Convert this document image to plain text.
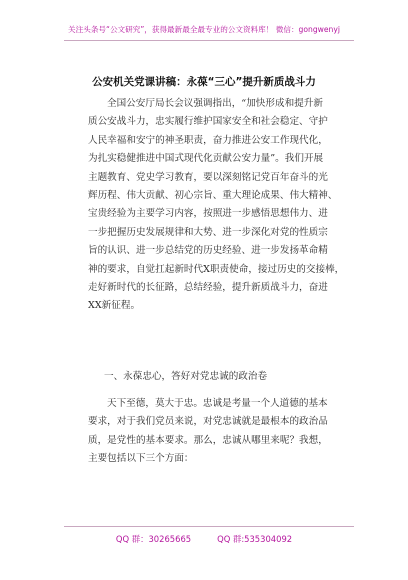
关注头条号“公文研究”，获得最新最全最专业的公文资料库！ 微信：gongwenyj
公安机关党课讲稿：永葆“三心”提升新质战斗力
全国公安厅局长会议强调指出，“加快形成和提升新
质公安战斗力，忠实履行维护国家安全和社会稳定、守护
人民幸福和安宁的神圣职责，奋力推进公安工作现代化，
为扎实稳健推进中国式现代化贡献公安力量”。我们开展
主题教育、党史学习教育，要以深刻铭记党百年奋斗的光
辉历程、伟大贡献、初心宗旨、重大理论成果、伟大精神、
宝贵经验为主要学习内容，按照进一步感悟思想伟力、进
一步把握历史发展规律和大势、进一步深化对党的性质宗
旨的认识、进一步总结党的历史经验、进一步发扬革命精
神的要求，自觉扛起新时代X职责使命，接过历史的交接棒，
走好新时代的长征路，总结经验，提升新质战斗力，奋进
XX新征程。
一、永葆忠心，答好对党忠诚的政治卷
天下至德，莫大于忠。忠诚是考量一个人道德的基本
要求，对于我们党员来说，对党忠诚就是最根本的政治品
质，是党性的基本要求。那么，忠诚从哪里来呢？我想，
主要包括以下三个方面：
QQ 群：30265665	QQ 群:535304092
